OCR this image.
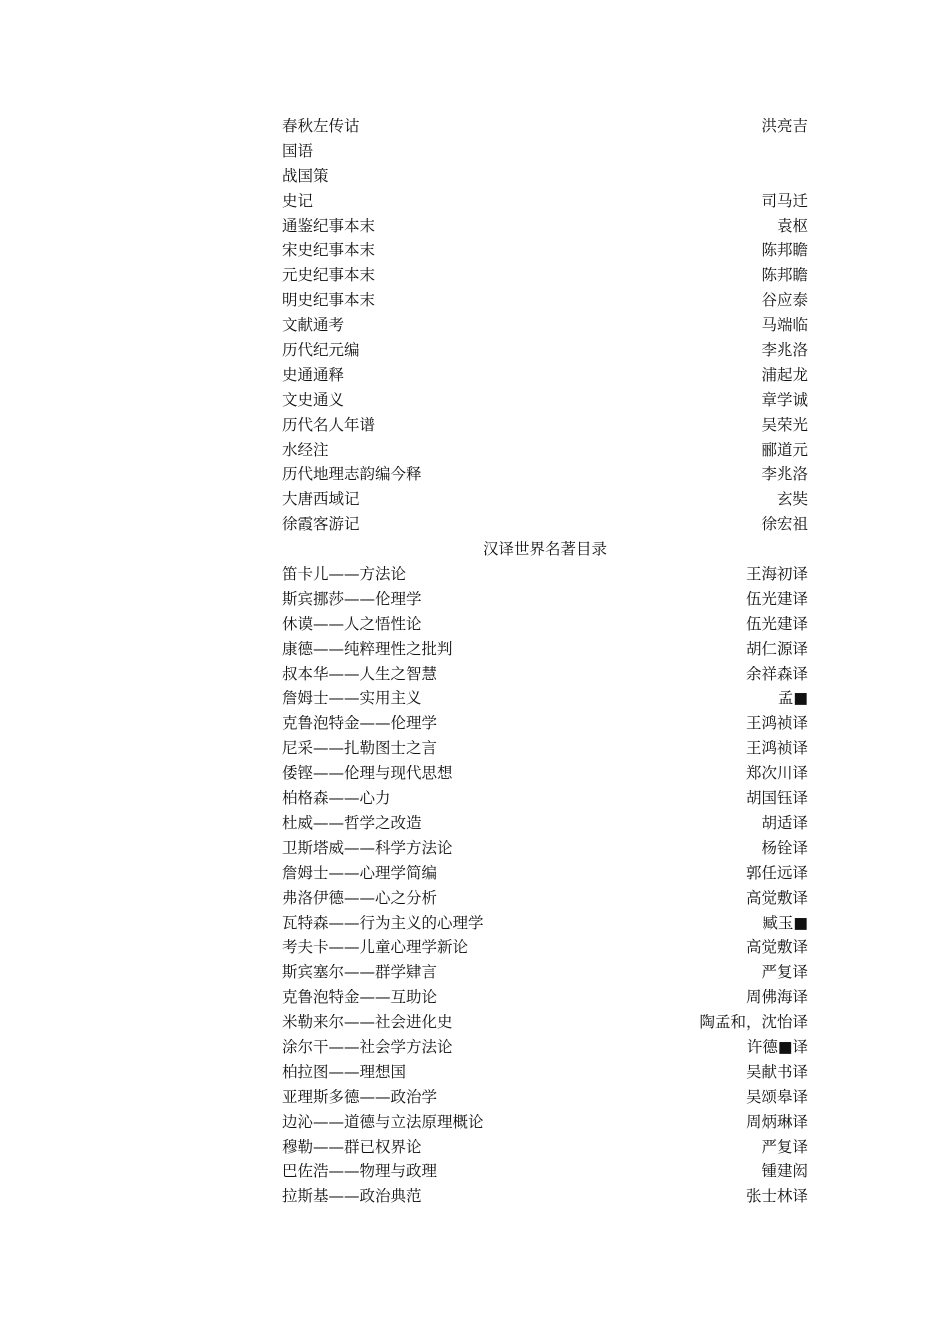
春秋左传诂	洪亮吉
国语
战国策
史记	司马迁
通鉴纪事本末	袁枢
宋史纪事本末	陈邦瞻
元史纪事本末	陈邦瞻
明史纪事本末	谷应泰
文献通考	马端临
历代纪元编	李兆洛
史通通释	浦起龙
文史通义	章学诚
历代名人年谱	吴荣光
水经注	郦道元
历代地理志韵编今释	李兆洛
大唐西域记	玄奘
徐霞客游记	徐宏祖
汉译世界名著目录
笛卡儿——方法论	王海初译
斯宾挪莎——伦理学	伍光建译
休谟——人之悟性论	伍光建译
康德——纯粹理性之批判	胡仁源译
叔本华——人生之智慧	余祥森译
詹姆士——实用主义	孟■
克鲁泡特金——伦理学	王鸿祯译
尼采——扎勒图士之言	王鸿祯译
倭铿——伦理与现代思想	郑次川译
柏格森——心力	胡国钰译
杜威——哲学之改造	胡适译
卫斯塔威——科学方法论	杨铨译
詹姆士——心理学简编	郭任远译
弗洛伊德——心之分析	高觉敷译
瓦特森——行为主义的心理学	臧玉■
考夫卡——儿童心理学新论	高觉敷译
斯宾塞尔——群学肄言	严复译
克鲁泡特金——互助论	周佛海译
米勒来尔——社会进化史	陶孟和，沈怡译
涂尔干——社会学方法论	许德■译
柏拉图——理想国	吴献书译
亚理斯多德——政治学	吴颂皋译
边沁——道德与立法原理概论	周炳琳译
穆勒——群已权界论	严复译
巴佐浩——物理与政理	锺建闳
拉斯基——政治典范	张士林译
